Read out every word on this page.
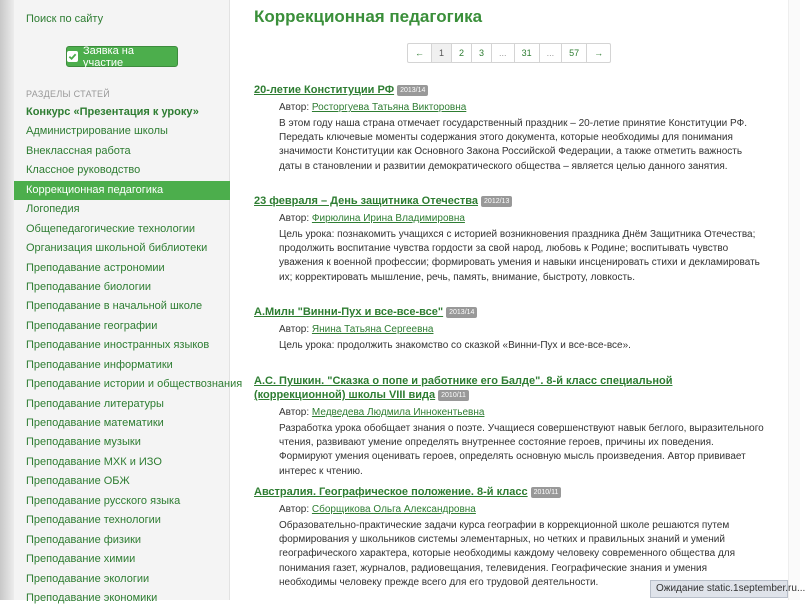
Поиск по сайту
Заявка на участие
РАЗДЕЛЫ СТАТЕЙ
Конкурс «Презентация к уроку»
Администрирование школы
Внеклассная работа
Классное руководство
Коррекционная педагогика
Логопедия
Общепедагогические технологии
Организация школьной библиотеки
Преподавание астрономии
Преподавание биологии
Преподавание в начальной школе
Преподавание географии
Преподавание иностранных языков
Преподавание информатики
Преподавание истории и обществознания
Преподавание литературы
Преподавание математики
Преподавание музыки
Преподавание МХК и ИЗО
Преподавание ОБЖ
Преподавание русского языка
Преподавание технологии
Преподавание физики
Преподавание химии
Преподавание экологии
Преподавание экономики
Коррекционная педагогика
←	1	2	3	...	31	...	57	→
20-летие Конституции РФ 2013/14
Автор: Росторгуева Татьяна Викторовна
В этом году наша страна отмечает государственный праздник – 20-летие принятие Конституции РФ. Передать ключевые моменты содержания этого документа, которые необходимы для понимания значимости Конституции как Основного Закона Российской Федерации, а также отметить важность даты в становлении и развитии демократического общества – является целью данного занятия.
23 февраля – День защитника Отечества 2012/13
Автор: Фирюлина Ирина Владимировна
Цель урока: познакомить учащихся с историей возникновения праздника Днём Защитника Отечества; продолжить воспитание чувства гордости за свой народ, любовь к Родине; воспитывать чувство уважения к военной профессии; формировать умения и навыки инсценировать стихи и декламировать их; корректировать мышление, речь, память, внимание, быстроту, ловкость.
А.Милн "Винни-Пух и все-все-все" 2013/14
Автор: Янина Татьяна Сергеевна
Цель урока: продолжить знакомство со сказкой «Винни-Пух и все-все-все».
А.С. Пушкин. "Сказка о попе и работнике его Балде". 8-й класс специальной (коррекционной) школы VIII вида 2010/11
Автор: Медведева Людмила Иннокентьевна
Разработка урока обобщает знания о поэте. Учащиеся совершенствуют навык беглого, выразительного чтения, развивают умение определять внутреннее состояние героев, причины их поведения. Формируют умения оценивать героев, определять основную мысль произведения. Автор прививает интерес к чтению.
Австралия. Географическое положение. 8-й класс 2010/11
Автор: Сборщикова Ольга Александровна
Образовательно-практические задачи курса географии в коррекционной школе решаются путем формирования у школьников системы элементарных, но четких и правильных знаний и умений географического характера, которые необходимы каждому человеку современного общества для понимания газет, журналов, радиовещания, телевидения. Географические знания и умения необходимы человеку прежде всего для его трудовой деятельности.
Ожидание static.1september.ru...
